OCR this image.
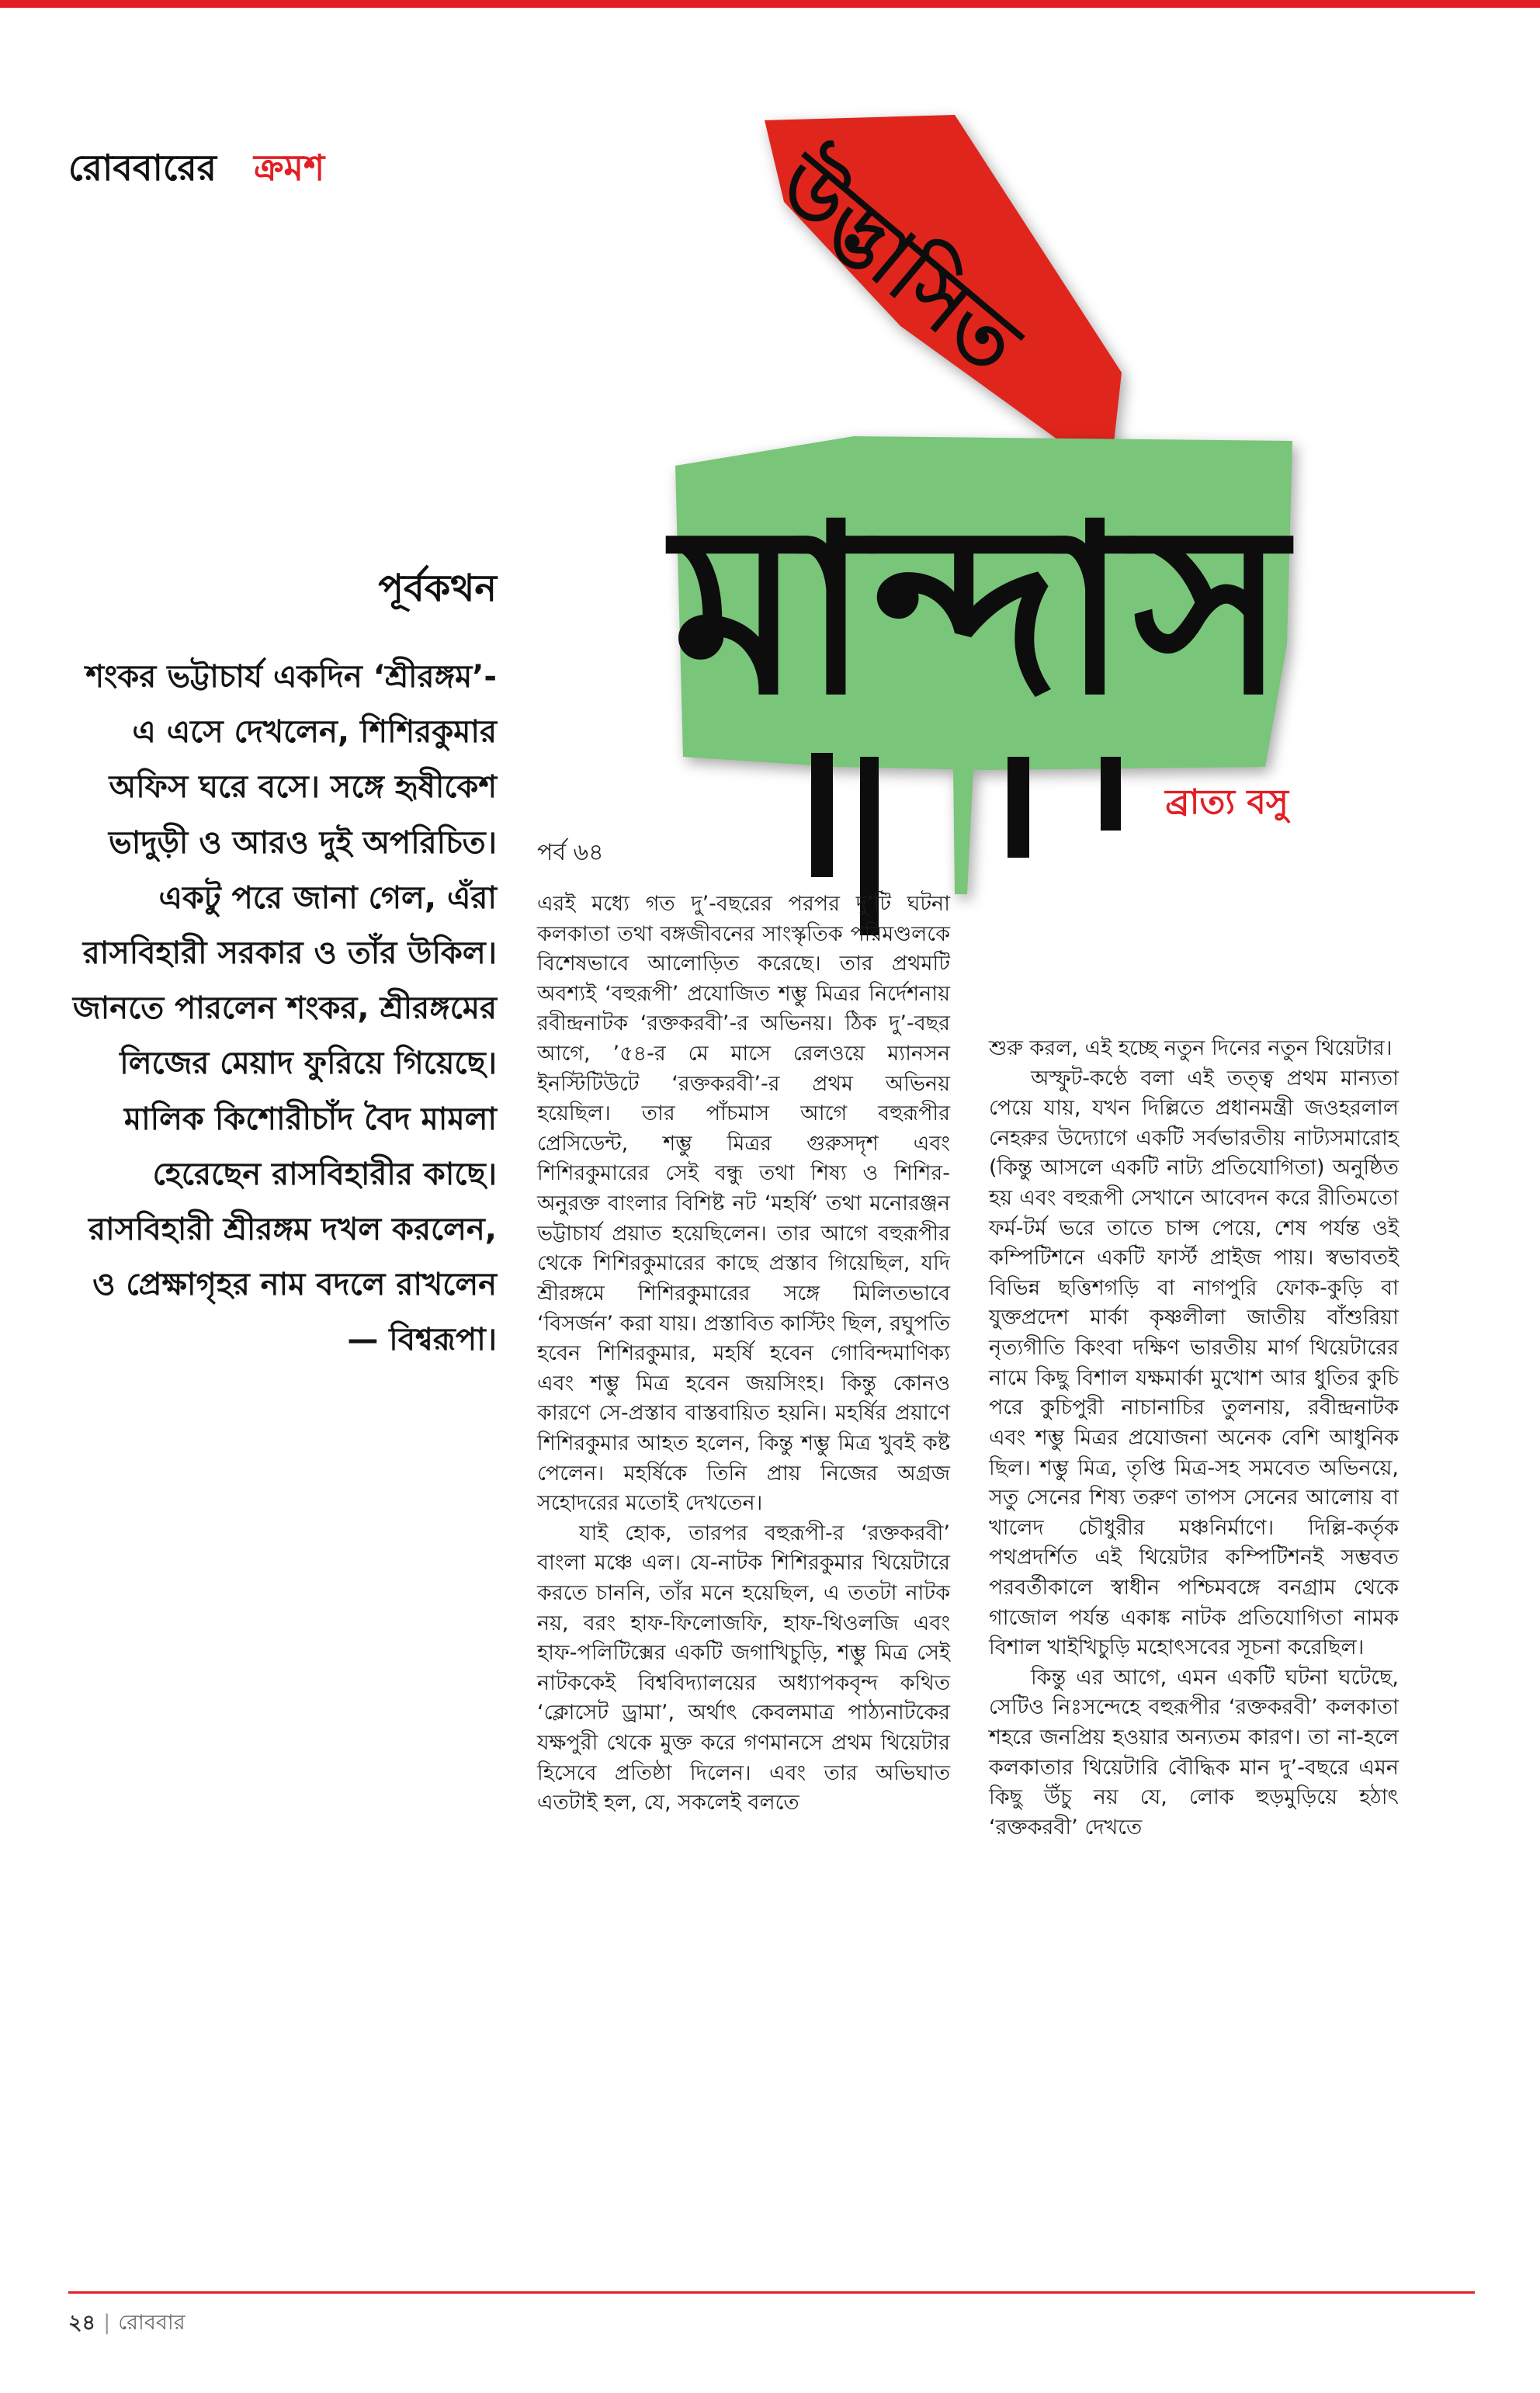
রোববারের ক্রমশ	উদ্ভাসিত
মান্দাস
ব্রাত্য বসু
পর্ব ৬৪
পূর্বকথন

শংকর ভট্টাচার্য একদিন ‘শ্রীরঙ্গম’-এ এসে দেখলেন, শিশিরকুমার অফিস ঘরে বসে। সঙ্গে হৃষীকেশ ভাদুড়ী ও আরও দুই অপরিচিত। একটু পরে জানা গেল, এঁরা রাসবিহারী সরকার ও তাঁর উকিল। জানতে পারলেন শংকর, শ্রীরঙ্গমের লিজের মেয়াদ ফুরিয়ে গিয়েছে। মালিক কিশোরীচাঁদ বৈদ মামলা হেরেছেন রাসবিহারীর কাছে। রাসবিহারী শ্রীরঙ্গম দখল করলেন, ও প্রেক্ষাগৃহর নাম বদলে রাখলেন— বিশ্বরূপা।

এরই মধ্যে গত দু’-বছরের পরপর দু’টি ঘটনা কলকাতা তথা বঙ্গজীবনের সাংস্কৃতিক পরিমণ্ডলকে বিশেষভাবে আলোড়িত করেছে। তার প্রথমটি অবশ্যই ‘বহুরূপী’ প্রযোজিত শম্ভু মিত্রর নির্দেশনায় রবীন্দ্রনাটক ‘রক্তকরবী’-র অভিনয়। ঠিক দু’-বছর আগে, ’৫৪-র মে মাসে রেলওয়ে ম্যানসন ইনস্টিটিউটে ‘রক্তকরবী’-র প্রথম অভিনয় হয়েছিল। তার পাঁচমাস আগে বহুরূপীর প্রেসিডেন্ট, শম্ভু মিত্রর গুরুসদৃশ এবং শিশিরকুমারের সেই বন্ধু তথা শিষ্য ও শিশির-অনুরক্ত বাংলার বিশিষ্ট নট ‘মহর্ষি’ তথা মনোরঞ্জন ভট্টাচার্য প্রয়াত হয়েছিলেন। তার আগে বহুরূপীর থেকে শিশিরকুমারের কাছে প্রস্তাব গিয়েছিল, যদি শ্রীরঙ্গমে শিশিরকুমারের সঙ্গে মিলিতভাবে ‘বিসর্জন’ করা যায়। প্রস্তাবিত কাস্টিং ছিল, রঘুপতি হবেন শিশিরকুমার, মহর্ষি হবেন গোবিন্দমাণিক্য এবং শম্ভু মিত্র হবেন জয়সিংহ। কিন্তু কোনও কারণে সে-প্রস্তাব বাস্তবায়িত হয়নি। মহর্ষির প্রয়াণে শিশিরকুমার আহত হলেন, কিন্তু শম্ভু মিত্র খুবই কষ্ট পেলেন। মহর্ষিকে তিনি প্রায় নিজের অগ্রজ সহোদরের মতোই দেখতেন।

যাই হোক, তারপর বহুরূপী-র ‘রক্তকরবী’ বাংলা মঞ্চে এল। যে-নাটক শিশিরকুমার থিয়েটারে করতে চাননি, তাঁর মনে হয়েছিল, এ ততটা নাটক নয়, বরং হাফ-ফিলোজফি, হাফ-থিওলজি এবং হাফ-পলিটিক্সের একটি জগাখিচুড়ি, শম্ভু মিত্র সেই নাটককেই বিশ্ববিদ্যালয়ের অধ্যাপকবৃন্দ কথিত ‘ক্লোসেট ড্রামা’, অর্থাৎ কেবলমাত্র পাঠ্যনাটকের যক্ষপুরী থেকে মুক্ত করে গণমানসে প্রথম থিয়েটার হিসেবে প্রতিষ্ঠা দিলেন। এবং তার অভিঘাত এতটাই হল, যে, সকলেই বলতে

শুরু করল, এই হচ্ছে নতুন দিনের নতুন থিয়েটার।

অস্ফুট-কণ্ঠে বলা এই তত্ত্ব প্রথম মান্যতা পেয়ে যায়, যখন দিল্লিতে প্রধানমন্ত্রী জওহরলাল নেহরুর উদ্যোগে একটি সর্বভারতীয় নাট্যসমারোহ (কিন্তু আসলে একটি নাট্য প্রতিযোগিতা) অনুষ্ঠিত হয় এবং বহুরূপী সেখানে আবেদন করে রীতিমতো ফর্ম-টর্ম ভরে তাতে চান্স পেয়ে, শেষ পর্যন্ত ওই কম্পিটিশনে একটি ফার্স্ট প্রাইজ পায়। স্বভাবতই বিভিন্ন ছত্তিশগড়ি বা নাগপুরি ফোক-কুড়ি বা যুক্তপ্রদেশ মার্কা কৃষ্ণলীলা জাতীয় বাঁশুরিয়া নৃত্যগীতি কিংবা দক্ষিণ ভারতীয় মার্গ থিয়েটারের নামে কিছু বিশাল যক্ষমার্কা মুখোশ আর ধুতির কুচি পরে কুচিপুরী নাচানাচির তুলনায়, রবীন্দ্রনাটক এবং শম্ভু মিত্রর প্রযোজনা অনেক বেশি আধুনিক ছিল। শম্ভু মিত্র, তৃপ্তি মিত্র-সহ সমবেত অভিনয়ে, সতু সেনের শিষ্য তরুণ তাপস সেনের আলোয় বা খালেদ চৌধুরীর মঞ্চনির্মাণে। দিল্লি-কর্তৃক পথপ্রদর্শিত এই থিয়েটার কম্পিটিশনই সম্ভবত পরবর্তীকালে স্বাধীন পশ্চিমবঙ্গে বনগ্রাম থেকে গাজোল পর্যন্ত একাঙ্ক নাটক প্রতিযোগিতা নামক বিশাল খাইখিচুড়ি মহোৎসবের সূচনা করেছিল।

কিন্তু এর আগে, এমন একটি ঘটনা ঘটেছে, সেটিও নিঃসন্দেহে বহুরূপীর ‘রক্তকরবী’ কলকাতা শহরে জনপ্রিয় হওয়ার অন্যতম কারণ। তা না-হলে কলকাতার থিয়েটারি বৌদ্ধিক মান দু’-বছরে এমন কিছু উঁচু নয় যে, লোক হুড়মুড়িয়ে হঠাৎ ‘রক্তকরবী’ দেখতে

২৪ | রোববার
